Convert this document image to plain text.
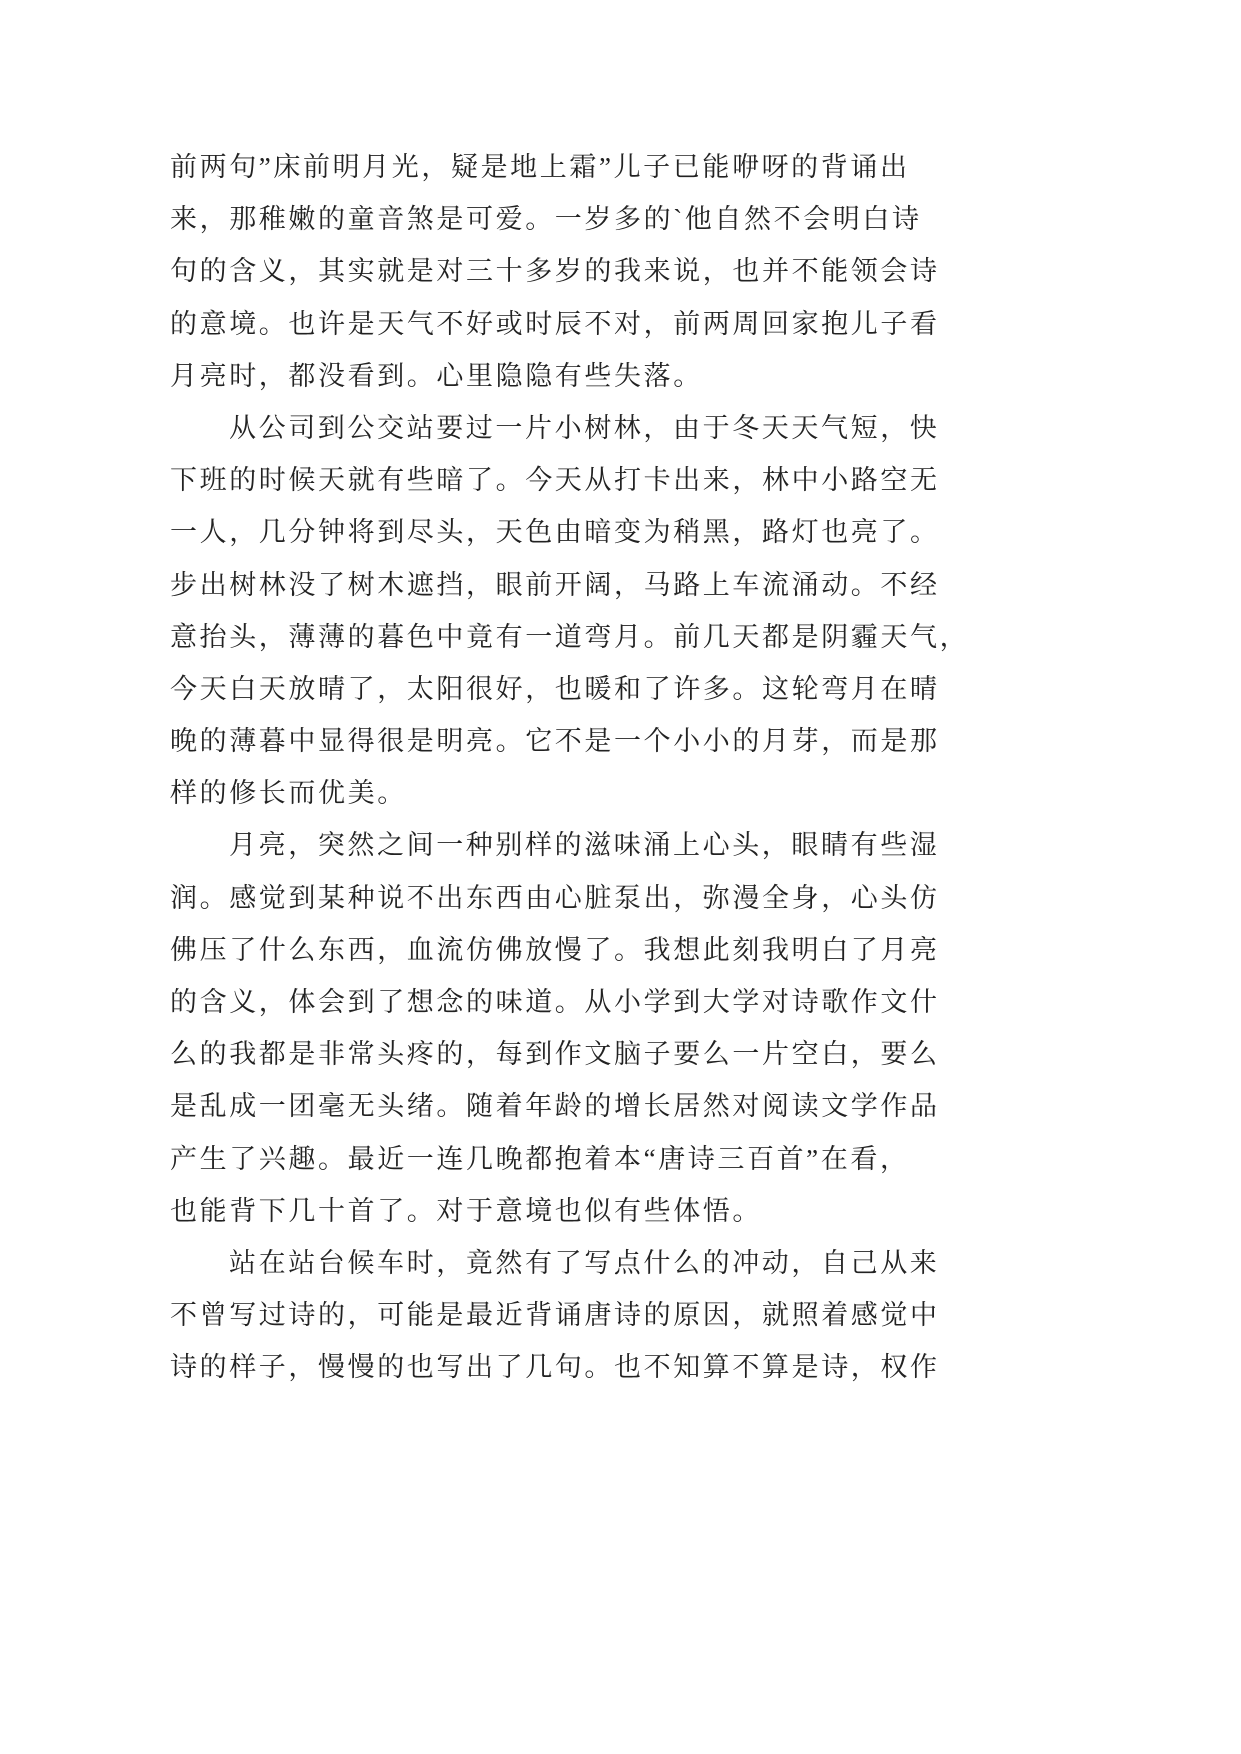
前两句”床前明月光，疑是地上霜”儿子已能咿呀的背诵出
来，那稚嫩的童音煞是可爱。一岁多的`他自然不会明白诗
句的含义，其实就是对三十多岁的我来说，也并不能领会诗
的意境。也许是天气不好或时辰不对，前两周回家抱儿子看
月亮时，都没看到。心里隐隐有些失落。
从公司到公交站要过一片小树林，由于冬天天气短，快
下班的时候天就有些暗了。今天从打卡出来，林中小路空无
一人，几分钟将到尽头，天色由暗变为稍黑，路灯也亮了。
步出树林没了树木遮挡，眼前开阔，马路上车流涌动。不经
意抬头，薄薄的暮色中竟有一道弯月。前几天都是阴霾天气，
今天白天放晴了，太阳很好，也暖和了许多。这轮弯月在晴
晚的薄暮中显得很是明亮。它不是一个小小的月芽，而是那
样的修长而优美。
月亮，突然之间一种别样的滋味涌上心头，眼睛有些湿
润。感觉到某种说不出东西由心脏泵出，弥漫全身，心头仿
佛压了什么东西，血流仿佛放慢了。我想此刻我明白了月亮
的含义，体会到了想念的味道。从小学到大学对诗歌作文什
么的我都是非常头疼的，每到作文脑子要么一片空白，要么
是乱成一团毫无头绪。随着年龄的增长居然对阅读文学作品
产生了兴趣。最近一连几晚都抱着本“唐诗三百首”在看，
也能背下几十首了。对于意境也似有些体悟。
站在站台候车时，竟然有了写点什么的冲动，自己从来
不曾写过诗的，可能是最近背诵唐诗的原因，就照着感觉中
诗的样子，慢慢的也写出了几句。也不知算不算是诗，权作
